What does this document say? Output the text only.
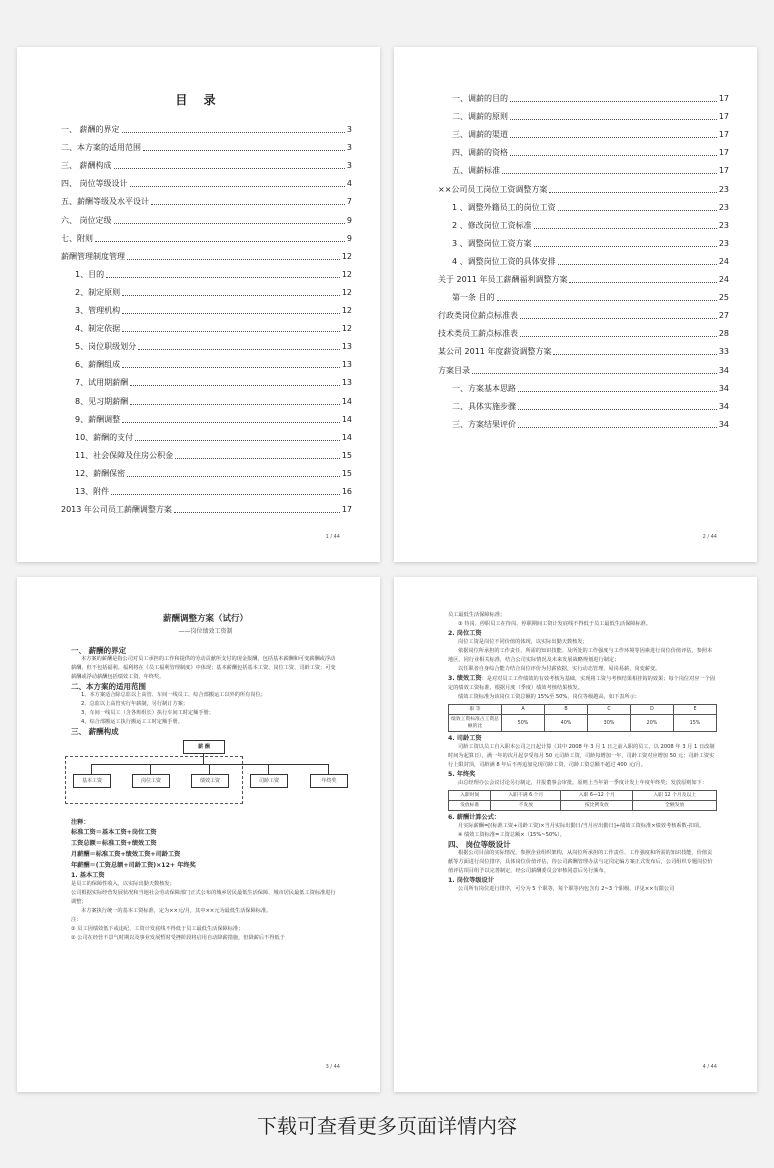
目 录
一、 薪酬的界定	3
二、本方案的适用范围	3
三、 薪酬构成	3
四、 岗位等级设计	4
五、薪酬等级及水平设计	7
六、 岗位定级	9
七、附则	9
薪酬管理制度管理	12
1、目的	12
2、制定原则	12
3、管理机构	12
4、制定依据	12
5、岗位职级划分	13
6、薪酬组成	13
7、试用期薪酬	13
8、见习期薪酬	14
9、薪酬调整	14
10、薪酬的支付	14
11、社会保障及住房公积金	15
12、薪酬保密	15
13、附件	16
2013 年公司员工薪酬调整方案	17
1 / 44
一、调薪的目的	17
二、调薪的原则	17
三、调薪的渠道	17
四、调薪的资格	17
五、调薪标准	17
××公司员工岗位工资调整方案	23
1 、调整外籍员工的岗位工资	23
2 、修改岗位工资标准	23
3 、调整岗位工资方案	23
4 、调整岗位工资的具体安排	24
关于 2011 年员工薪酬福利调整方案	24
第一条 目的	25
行政类岗位薪点标准表	27
技术类员工薪点标准表	28
某公司 2011 年度薪资调整方案	33
方案目录	34
一、方案基本思路	34
二、具体实施步骤	34
三、方案结果评价	34
2 / 44

薪酬调整方案（试行）

——岗位绩效工资制

一、 薪酬的界定

本方案的薪酬是指公司对员工承担的工作和提供的劳动贡献所支付的现金报酬，包括基本薪酬和可变薪酬或浮动薪酬，但不包括福利。福利将在《员工福利管理制度》中体现；基本薪酬包括基本工资、岗位工资、司龄工资；可变薪酬或浮动薪酬包括绩效工资、年终奖。

二、本方案的适用范围

1、本方案适合除总监以上高管、车间一线员工、综合部搬运工以外的所有岗位；

2、总监以上高管实行年薪制，另行制订方案；

3、车间一线员工（含各班组长）执行车间工时定额手册；

4、综合部搬运工执行搬运工工时定额手册。

三、 薪酬构成

薪 酬
基本工资	岗位工资	绩效工资	司龄工资	年终奖

注释：

标准工资＝基本工资+岗位工资

工资总额＝标准工资+绩效工资

月薪酬＝标准工资+绩效工资+司龄工资

年薪酬＝(工资总额+司龄工资)×12+ 年终奖

1. 基本工资

是员工的保障性收入，以实际出勤天数核发；

公司根据实际经营发展状况和当地社会劳动保障部门正式公布的城乡居民最低生活保障、城市居民最低工资标准进行调整；

本方案执行统一的基本工资标准，定为××元/月，其中××元为最低生活保障标准。

注：

① 员工因绩效低下或违纪，工资计发底线不得低于员工最低生活保障标准；

② 公司在经营不景气时期以及事业发展暂时受挫阶段将启用自动降薪措施，但降薪后不得低于

3 / 44

员工最低生活保障标准；

③ 待岗、停职员工在待岗、停职期间工资计发底线不得低于员工最低生活保障标准。

2. 岗位工资

岗位工资是岗位不同价值的体现，以实际出勤天数核发；

依据岗位所承担的工作责任、所需的知识技能、及所处的工作强度与工作环境等因素进行岗位价值评估，参照本地区、同行业相关标准，结合公司实际情况及未来发展战略规划进行制定；

以任职者自身综合能力结合岗位评价为付薪依据，实行动态管理，易岗易薪，岗变薪变。

3. 绩效工资：是对对员工工作绩效的有效考核为基础，实现将工资与考核结果相挂钩的效果；每个岗位对应一个固定的绩效工资标准，根据月度（季度）绩效考核结果核发。

绩效工资标准为该岗位工资总额的 15%至 50%，岗位等级越高，如下表所示：

职 等	A	B	C	D	E
绩效工资标准占工资总额的比	50%	40%	30%	20%	15%

4. 司龄工资

司龄工资以员工自入职本公司之日起计算（其中 2008 年 3 月 1 日之前入职的员工，以 2008 年 3 月 1 日改制时间为起算日），满一年的次月起享受每月 50 元司龄工资，司龄每增加一年，司龄工资对应增加 50 元；司龄工资实行上限封顶，司龄满 8 年后不再追加兑现司龄工资，司龄工资总额不超过 400 元/月。

5. 年终奖

由总经理办公会议讨论另行制定，并报董事会审批。原则上当年第一季度计发上年度年终奖；发放原则如下：

入职时间	入职不满 6 个月	入职 6—12 个月	入职 12 个月及以上
发放标准	不发放	按比例发放	全额发放

6. 薪酬计算公式：

月实际薪酬=[(标准工资+司龄工资)×当月实际出勤日/当月应出勤日]+绩效工资标准×绩效考核系数-扣项。

※ 绩效工资标准=工资总额×（15%~50%）。

四、 岗位等级设计

根据公司目前的实际情况，参照企业组织架构，从岗位所承担的工作责任、工作强度和所需的知识技能、价值贡献等方面进行岗位排序，具体岗位价值评估，待公司薪酬管理办法与定岗定编方案正式发布后，公司组织专题岗位价值评估项目组予以完善制定，经公司薪酬委员会审核同意后另行颁布。

1. 岗位等级设计

公司所有岗位进行排序，可分为 5 个职等，每个职等内包含有 2~3 个职级，详见××有限公司

4 / 44
下载可查看更多页面详情内容
